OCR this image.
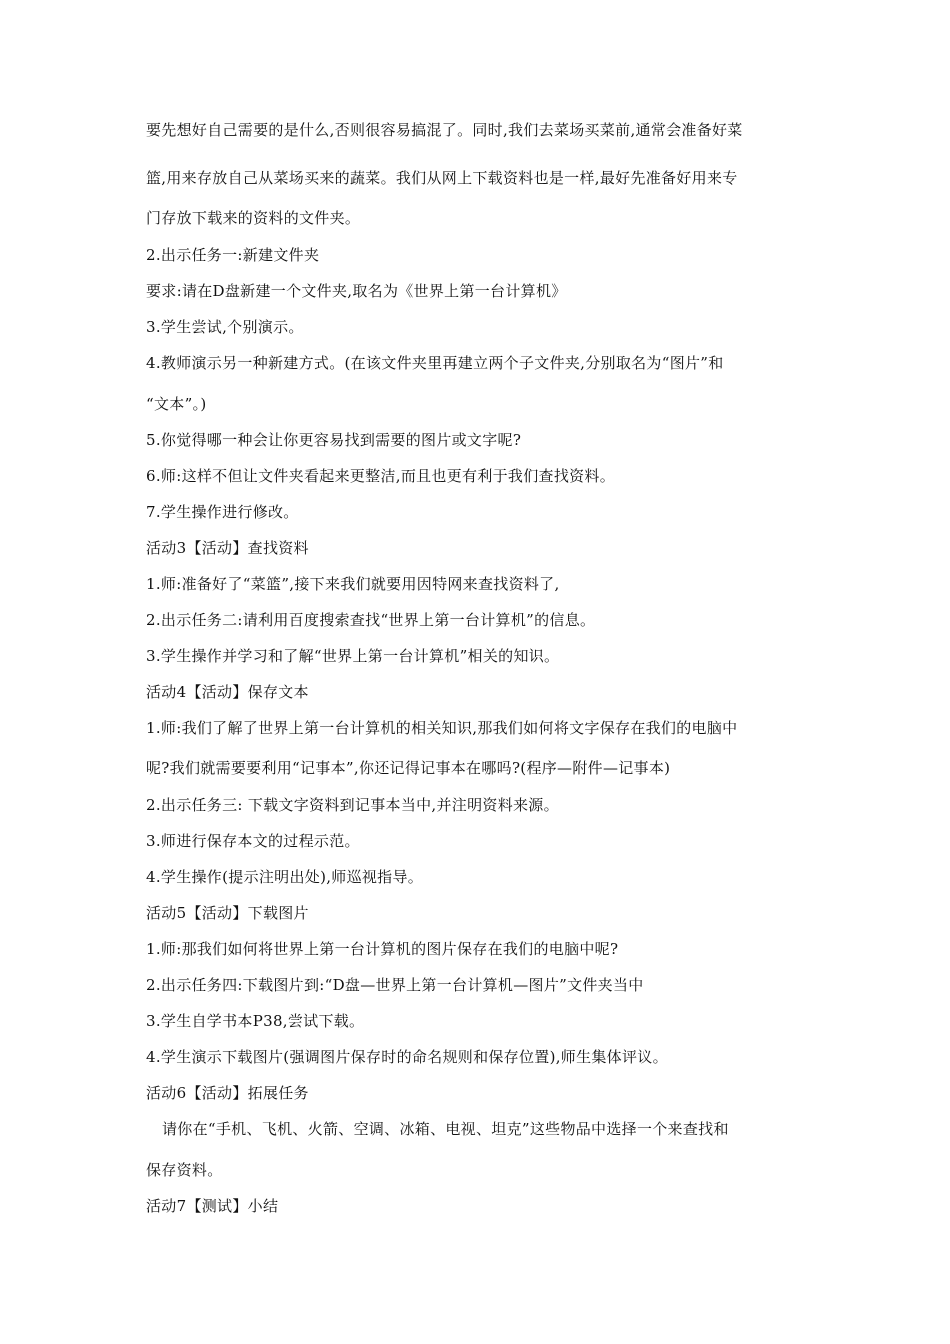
要先想好自己需要的是什么,否则很容易搞混了。同时,我们去菜场买菜前,通常会准备好菜
篮,用来存放自己从菜场买来的蔬菜。我们从网上下载资料也是一样,最好先准备好用来专
门存放下载来的资料的文件夹。
2.出示任务一:新建文件夹
要求:请在D盘新建一个文件夹,取名为《世界上第一台计算机》
3.学生尝试,个别演示。
4.教师演示另一种新建方式。(在该文件夹里再建立两个子文件夹,分别取名为“图片”和
“文本”。)
5.你觉得哪一种会让你更容易找到需要的图片或文字呢?
6.师:这样不但让文件夹看起来更整洁,而且也更有利于我们查找资料。
7.学生操作进行修改。
活动3【活动】查找资料
1.师:准备好了“菜篮”,接下来我们就要用因特网来查找资料了,
2.出示任务二:请利用百度搜索查找“世界上第一台计算机”的信息。
3.学生操作并学习和了解“世界上第一台计算机”相关的知识。
活动4【活动】保存文本
1.师:我们了解了世界上第一台计算机的相关知识,那我们如何将文字保存在我们的电脑中
呢?我们就需要要利用“记事本”,你还记得记事本在哪吗?(程序—附件—记事本)
2.出示任务三: 下载文字资料到记事本当中,并注明资料来源。
3.师进行保存本文的过程示范。
4.学生操作(提示注明出处),师巡视指导。
活动5【活动】下载图片
1.师:那我们如何将世界上第一台计算机的图片保存在我们的电脑中呢?
2.出示任务四:下载图片到:“D盘—世界上第一台计算机—图片”文件夹当中
3.学生自学书本P38,尝试下载。
4.学生演示下载图片(强调图片保存时的命名规则和保存位置),师生集体评议。
活动6【活动】拓展任务
请你在“手机、飞机、火箭、空调、冰箱、电视、坦克”这些物品中选择一个来查找和
保存资料。
活动7【测试】小结
